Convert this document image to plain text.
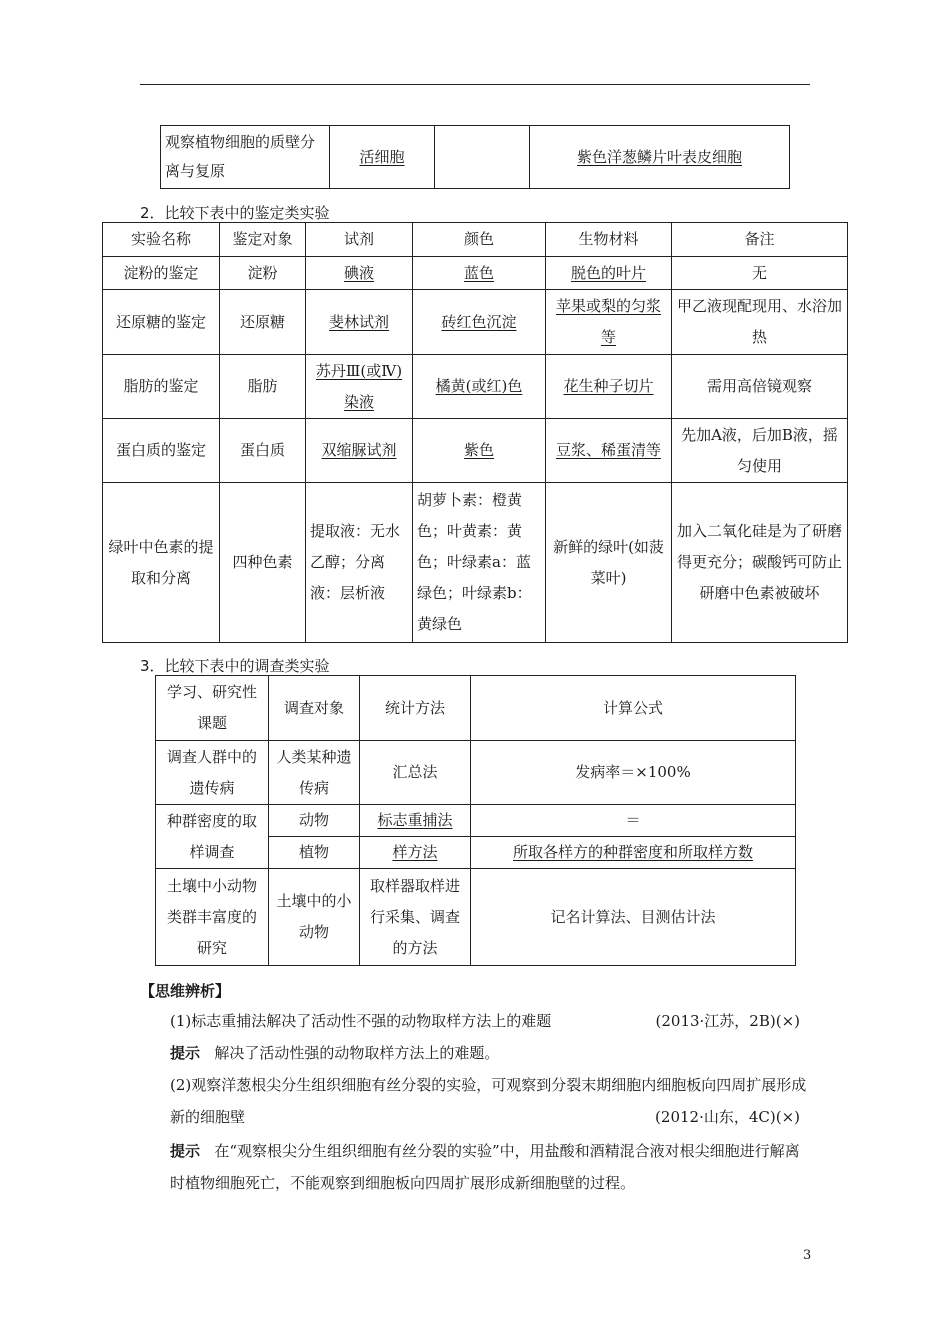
观察植物细胞的质壁分离与复原	活细胞		紫色洋葱鳞片叶表皮细胞
2．比较下表中的鉴定类实验
实验名称	鉴定对象	试剂	颜色	生物材料	备注
淀粉的鉴定	淀粉	碘液	蓝色	脱色的叶片	无
还原糖的鉴定	还原糖	斐林试剂	砖红色沉淀	苹果或梨的匀浆等	甲乙液现配现用、水浴加热
脂肪的鉴定	脂肪	苏丹Ⅲ(或Ⅳ)染液	橘黄(或红)色	花生种子切片	需用高倍镜观察
蛋白质的鉴定	蛋白质	双缩脲试剂	紫色	豆浆、稀蛋清等	先加A液，后加B液，摇匀使用
绿叶中色素的提取和分离	四种色素	提取液：无水乙醇；分离液：层析液	胡萝卜素：橙黄色；叶黄素：黄色；叶绿素a：蓝绿色；叶绿素b：黄绿色	新鲜的绿叶(如菠菜叶)	加入二氧化硅是为了研磨得更充分；碳酸钙可防止研磨中色素被破坏
3．比较下表中的调查类实验
学习、研究性课题	调查对象	统计方法	计算公式
调查人群中的遗传病	人类某种遗传病	汇总法	发病率＝×100%
种群密度的取样调查	动物	标志重捕法	＝
	植物	样方法	所取各样方的种群密度和所取样方数
土壤中小动物类群丰富度的研究	土壤中的小动物	取样器取样进行采集、调查的方法	记名计算法、目测估计法
【思维辨析】
(1)标志重捕法解决了活动性不强的动物取样方法上的难题	(2013·江苏，2B)(×)
提示 解决了活动性强的动物取样方法上的难题。
(2)观察洋葱根尖分生组织细胞有丝分裂的实验，可观察到分裂末期细胞内细胞板向四周扩展形成新的细胞壁	(2012·山东，4C)(×)
提示 在“观察根尖分生组织细胞有丝分裂的实验”中，用盐酸和酒精混合液对根尖细胞进行解离时植物细胞死亡，不能观察到细胞板向四周扩展形成新细胞壁的过程。
3
